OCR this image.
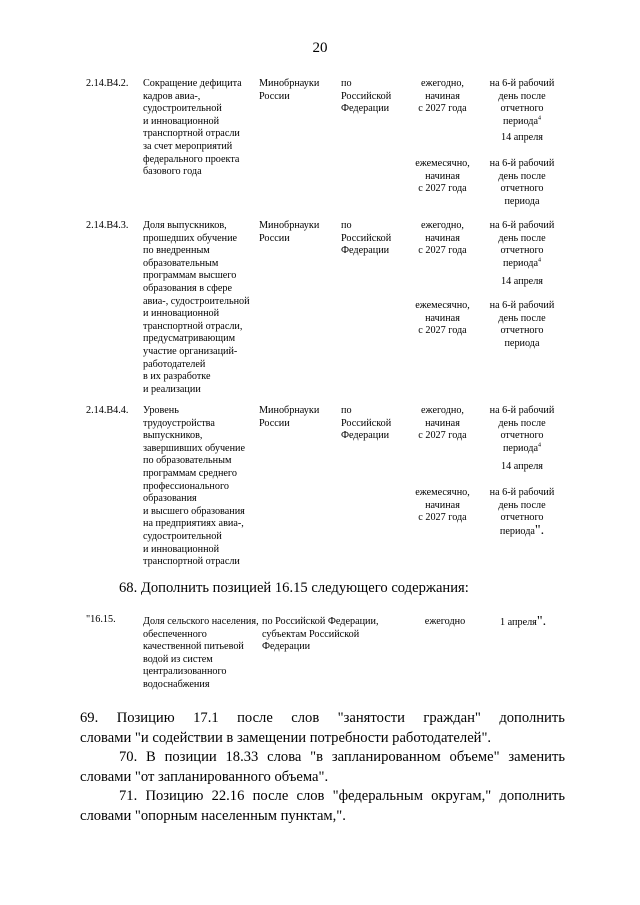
20
2.14.В4.2. Сокращение дефицита
кадров авиа-,
судостроительной
и инновационной
транспортной отрасли
за счет мероприятий
федерального проекта
базового года
Минобрнауки
России
по
Российской
Федерации
ежегодно,
начиная
с 2027 года
на 6-й рабочий
день после
отчетного
периода$^4$
14 апреля
ежемесячно,
начиная
с 2027 года
на 6-й рабочий
день после
отчетного
периода
2.14.В4.3. Доля выпускников,
прошедших обучение
по внедренным
образовательным
программам высшего
образования в сфере
авиа-, судостроительной
и инновационной
транспортной отрасли,
предусматривающим
участие организаций-
работодателей
в их разработке
и реализации
Минобрнауки
России
по
Российской
Федерации
ежегодно,
начиная
с 2027 года
на 6-й рабочий
день после
отчетного
периода$^4$
14 апреля
ежемесячно,
начиная
с 2027 года
на 6-й рабочий
день после
отчетного
периода
2.14.В4.4. Уровень
трудоустройства
выпускников,
завершивших обучение
по образовательным
программам среднего
профессионального
образования
и высшего образования
на предприятиях авиа-,
судостроительной
и инновационной
транспортной отрасли
Минобрнауки
России
по
Российской
Федерации
ежегодно,
начиная
с 2027 года
на 6-й рабочий
день после
отчетного
периода$^4$
14 апреля
ежемесячно,
начиная
с 2027 года
на 6-й рабочий
день после
отчетного
периода".
68. Дополнить позицией 16.15 следующего содержания:
"16.15.	Доля сельского населения,
обеспеченного
качественной питьевой
водой из систем
централизованного
водоснабжения
по Российской Федерации,
субъектам Российской
Федерации
ежегодно	1 апреля".
69. Позицию 17.1 после слов "занятости граждан" дополнить
словами "и содействии в замещении потребности работодателей".
70. В позиции 18.33 слова "в запланированном объеме" заменить
словами "от запланированного объема".
71. Позицию 22.16 после слов "федеральным округам," дополнить
словами "опорным населенным пунктам,".
